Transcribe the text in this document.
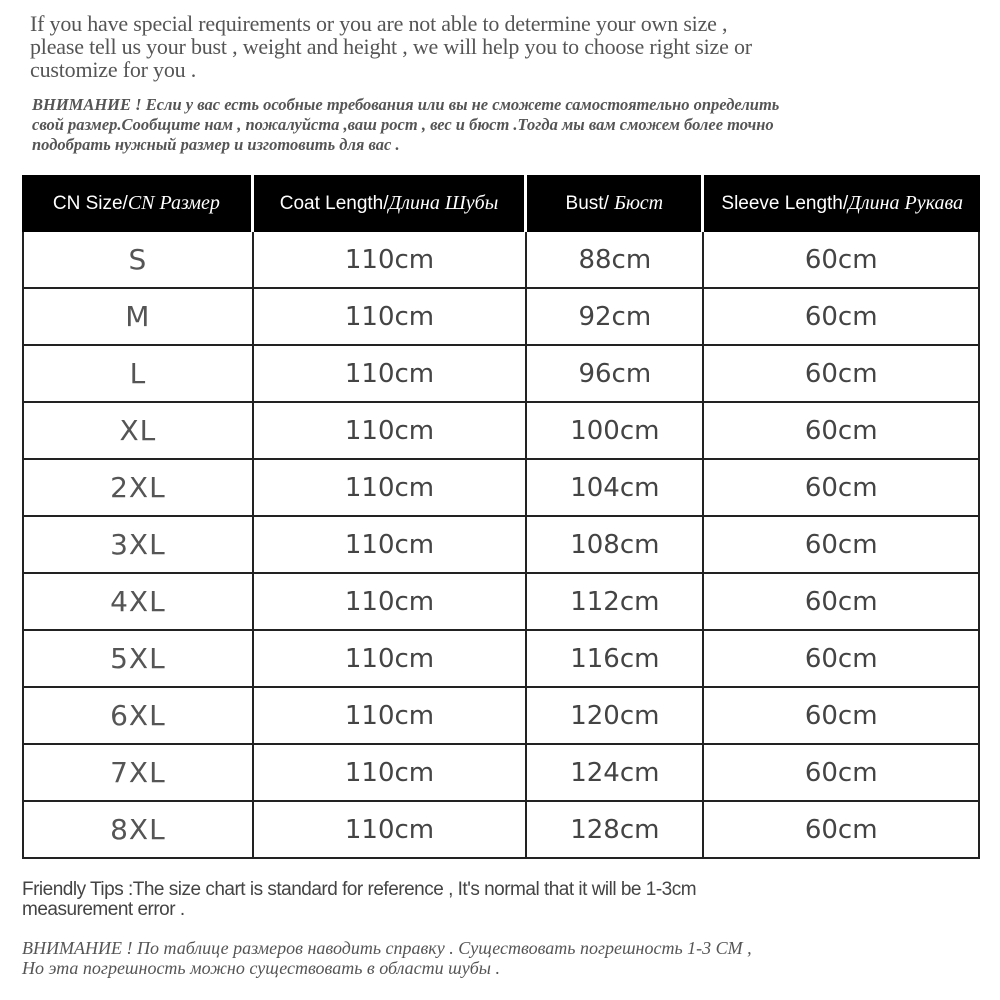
If you have special requirements or you are not able to determine your own size ,
please tell us your bust , weight and height , we will help you to choose right size or
customize for you .
ВНИМАНИЕ ! Если у вас есть особные требования или вы не сможете самостоятельно определить
свой размер.Сообщите нам , пожалуйста ,ваш рост , вес и бюст .Тогда мы вам сможем более точно
подобрать нужный размер и изготовить для вас .
CN Size/CN Размер	Coat Length/Длина Шубы	Bust/ Бюст	Sleeve Length/Длина Рукава
S	110cm	88cm	60cm
M	110cm	92cm	60cm
L	110cm	96cm	60cm
XL	110cm	100cm	60cm
2XL	110cm	104cm	60cm
3XL	110cm	108cm	60cm
4XL	110cm	112cm	60cm
5XL	110cm	116cm	60cm
6XL	110cm	120cm	60cm
7XL	110cm	124cm	60cm
8XL	110cm	128cm	60cm
Friendly Tips :The size chart is standard for reference , It's normal that it will be 1-3cm
measurement error .
ВНИМАНИЕ ! По таблице размеров наводить справку . Существовать погрешность 1-3 СМ ,
Но эта погрешность можно существовать в области шубы .
